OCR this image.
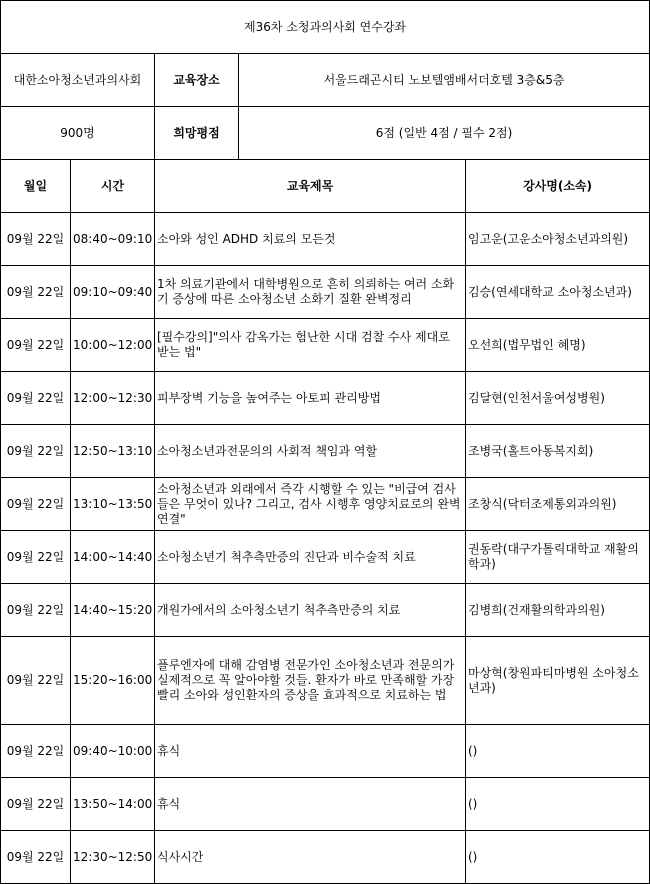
제36차 소청과의사회 연수강좌				
대한소아청소년과의사회		교육장소	서울드래곤시티 노보텔앰배서더호텔 3층&5층	
900명		희망평점	6점 (일반 4점 / 필수 2점)	
월일	시간	교육제목		강사명(소속)
09월 22일	08:40~09:10	소아와 성인 ADHD 치료의 모든것		임고운(고운소아청소년과의원)
09월 22일	09:10~09:40	1차 의료기관에서 대학병원으로 흔히 의뢰하는 여러 소화기 증상에 따른 소아청소년 소화기 질환 완벽정리		김승(연세대학교 소아청소년과)
09월 22일	10:00~12:00	[필수강의]"의사 감옥가는 험난한 시대 검찰 수사 제대로 받는 법"		오선희(법무법인 혜명)
09월 22일	12:00~12:30	피부장벽 기능을 높여주는 아토피 관리방법		김달현(인천서울여성병원)
09월 22일	12:50~13:10	소아청소년과전문의의 사회적 책임과 역할		조병국(홀트아동복지회)
09월 22일	13:10~13:50	소아청소년과 외래에서 즉각 시행할 수 있는 "비급여 검사들은 무엇이 있나? 그리고, 검사 시행후 영양치료로의 완벽 연결"		조창식(닥터조제통외과의원)
09월 22일	14:00~14:40	소아청소년기 척추측만증의 진단과 비수술적 치료		권동락(대구가톨릭대학교 재활의학과)
09월 22일	14:40~15:20	개원가에서의 소아청소년기 척추측만증의 치료		김병희(건재활의학과의원)
09월 22일	15:20~16:00	플루엔자에 대해 감염병 전문가인 소아청소년과 전문의가 실제적으로 꼭 알아야할 것들. 환자가 바로 만족해할 가장 빨리 소아와 성인환자의 증상을 효과적으로 치료하는 법		마상혁(창원파티마병원 소아청소년과)
09월 22일	09:40~10:00	휴식		()
09월 22일	13:50~14:00	휴식		()
09월 22일	12:30~12:50	식사시간		()
